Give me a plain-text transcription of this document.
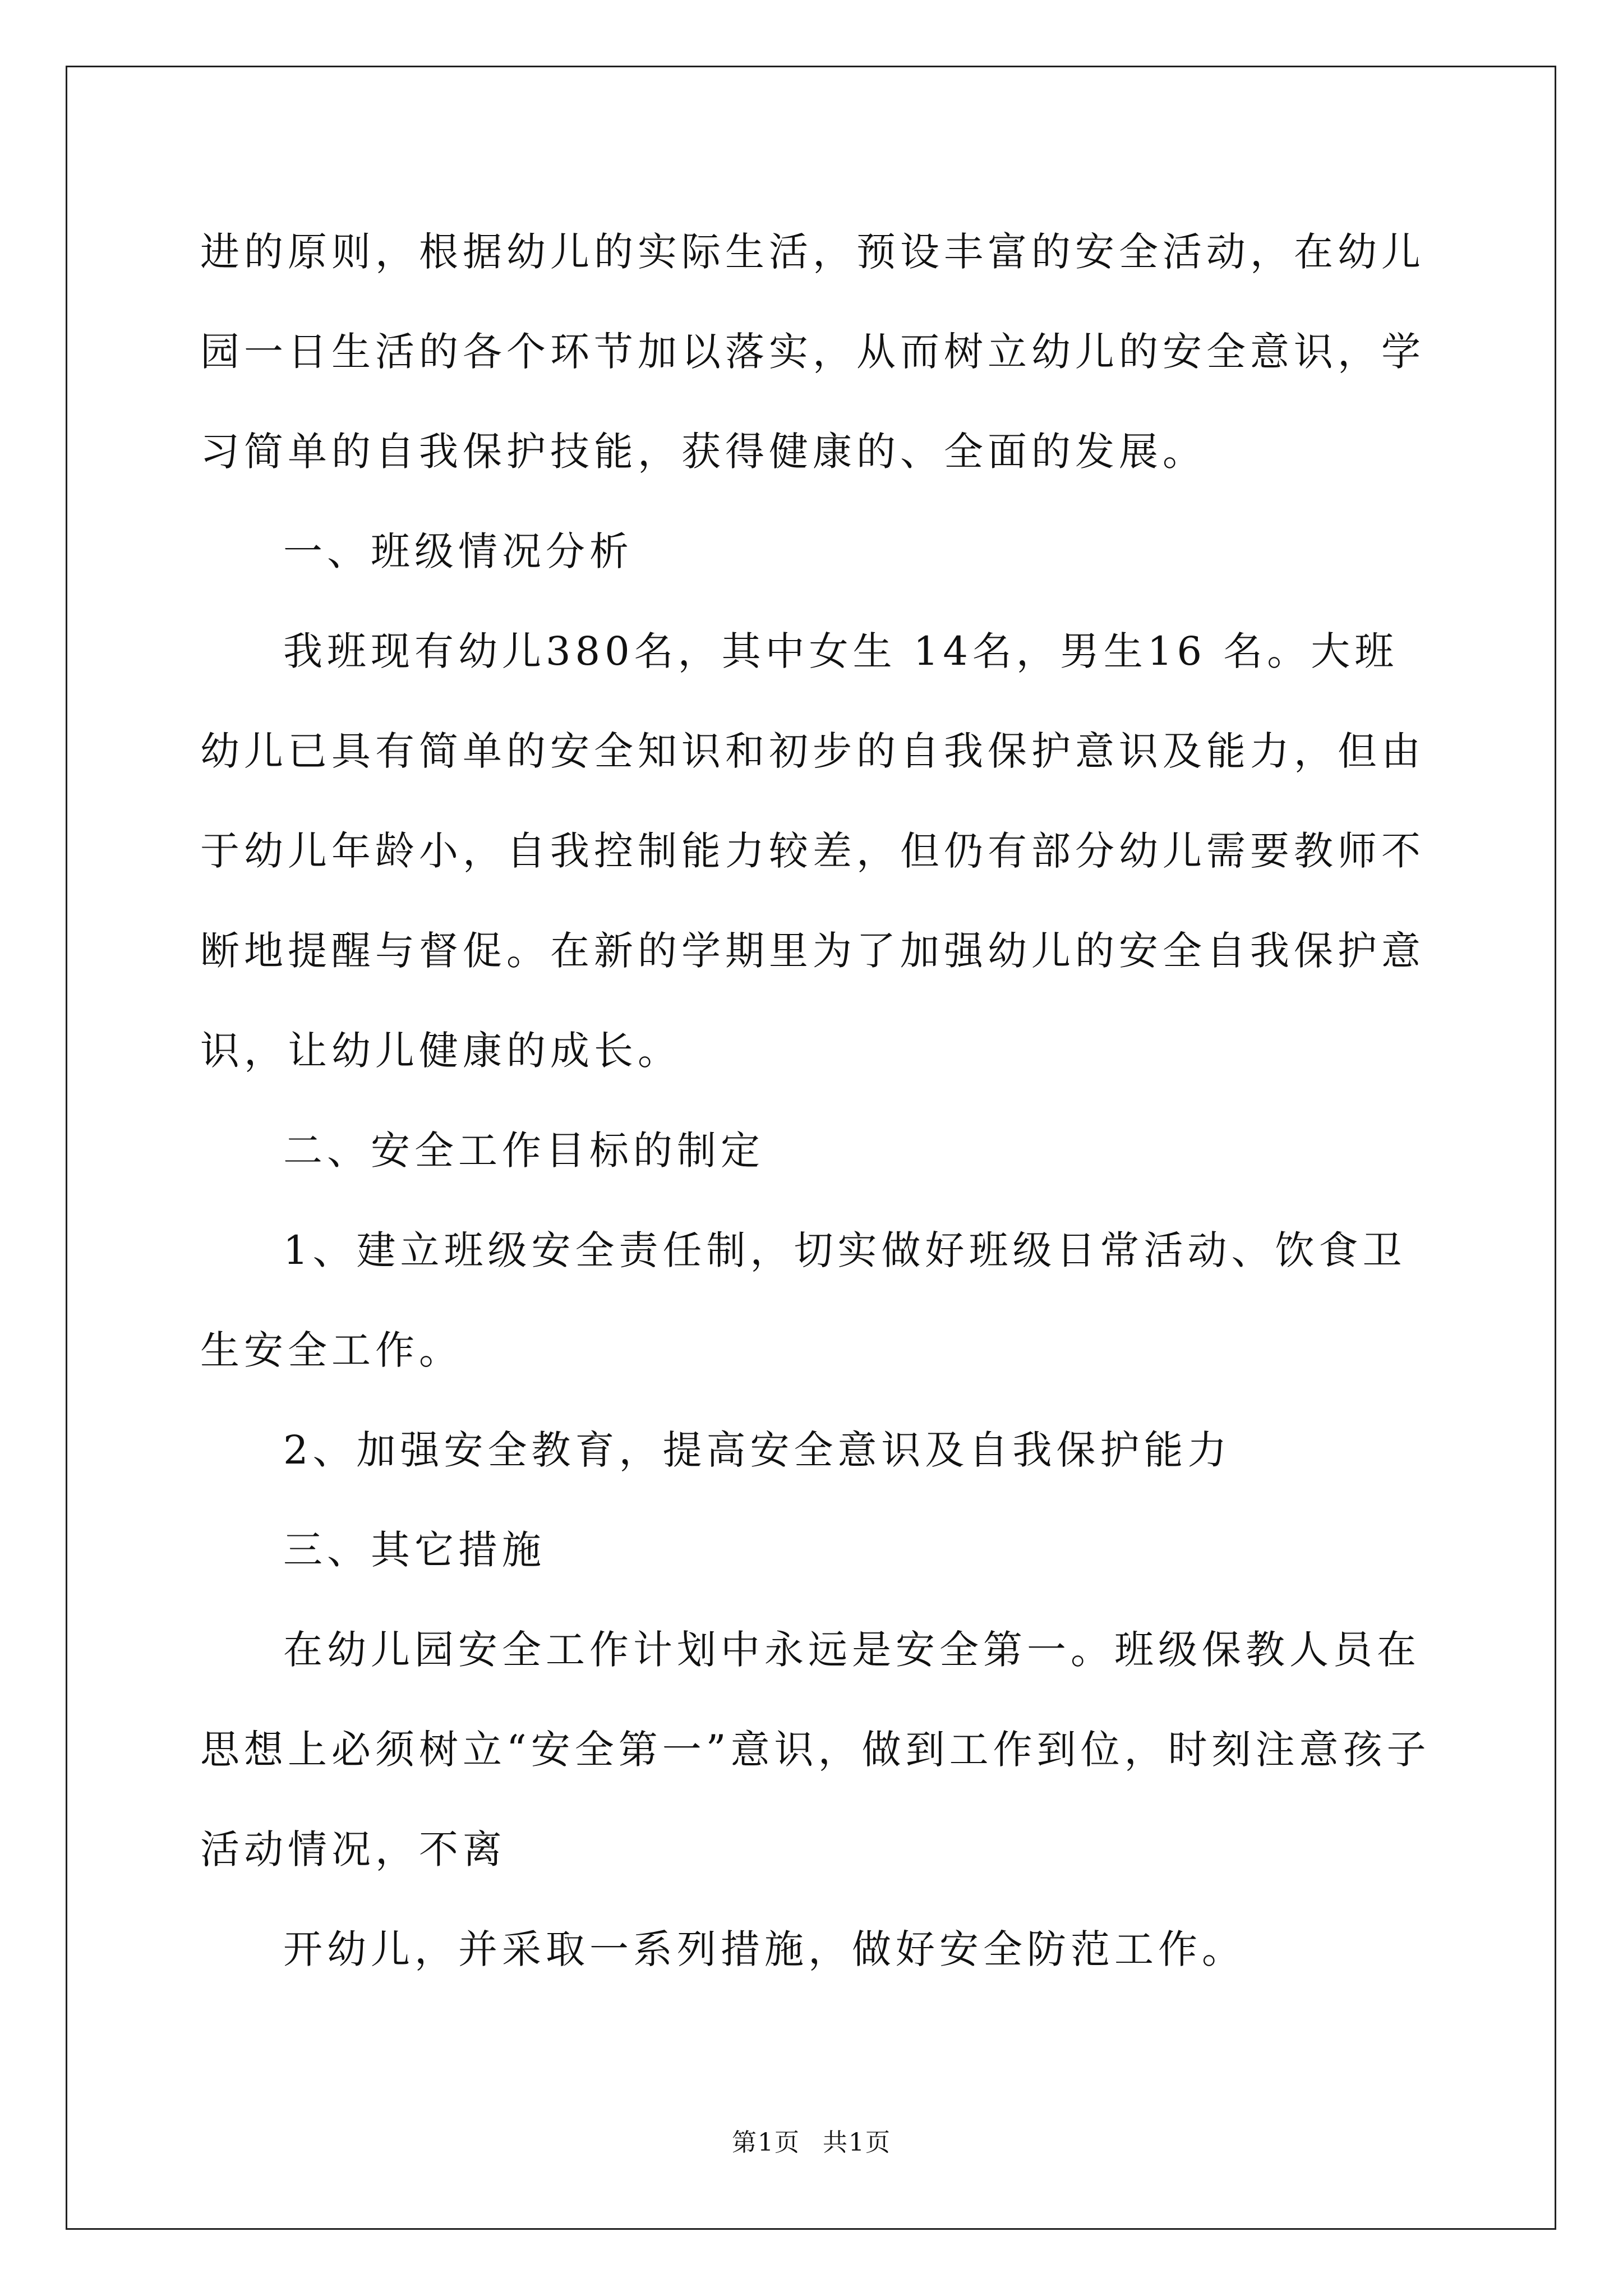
进的原则，根据幼儿的实际生活，预设丰富的安全活动，在幼儿园一日生活的各个环节加以落实，从而树立幼儿的安全意识，学习简单的自我保护技能，获得健康的、全面的发展。

一、班级情况分析

我班现有幼儿380名，其中女生 14名，男生16 名。大班幼儿已具有简单的安全知识和初步的自我保护意识及能力，但由于幼儿年龄小，自我控制能力较差，但仍有部分幼儿需要教师不断地提醒与督促。在新的学期里为了加强幼儿的安全自我保护意识，让幼儿健康的成长。

二、安全工作目标的制定

1、建立班级安全责任制，切实做好班级日常活动、饮食卫生安全工作。

2、加强安全教育，提高安全意识及自我保护能力

三、其它措施

在幼儿园安全工作计划中永远是安全第一。班级保教人员在思想上必须树立“安全第一”意识，做到工作到位，时刻注意孩子活动情况，不离

开幼儿，并采取一系列措施，做好安全防范工作。

第1页 共1页
